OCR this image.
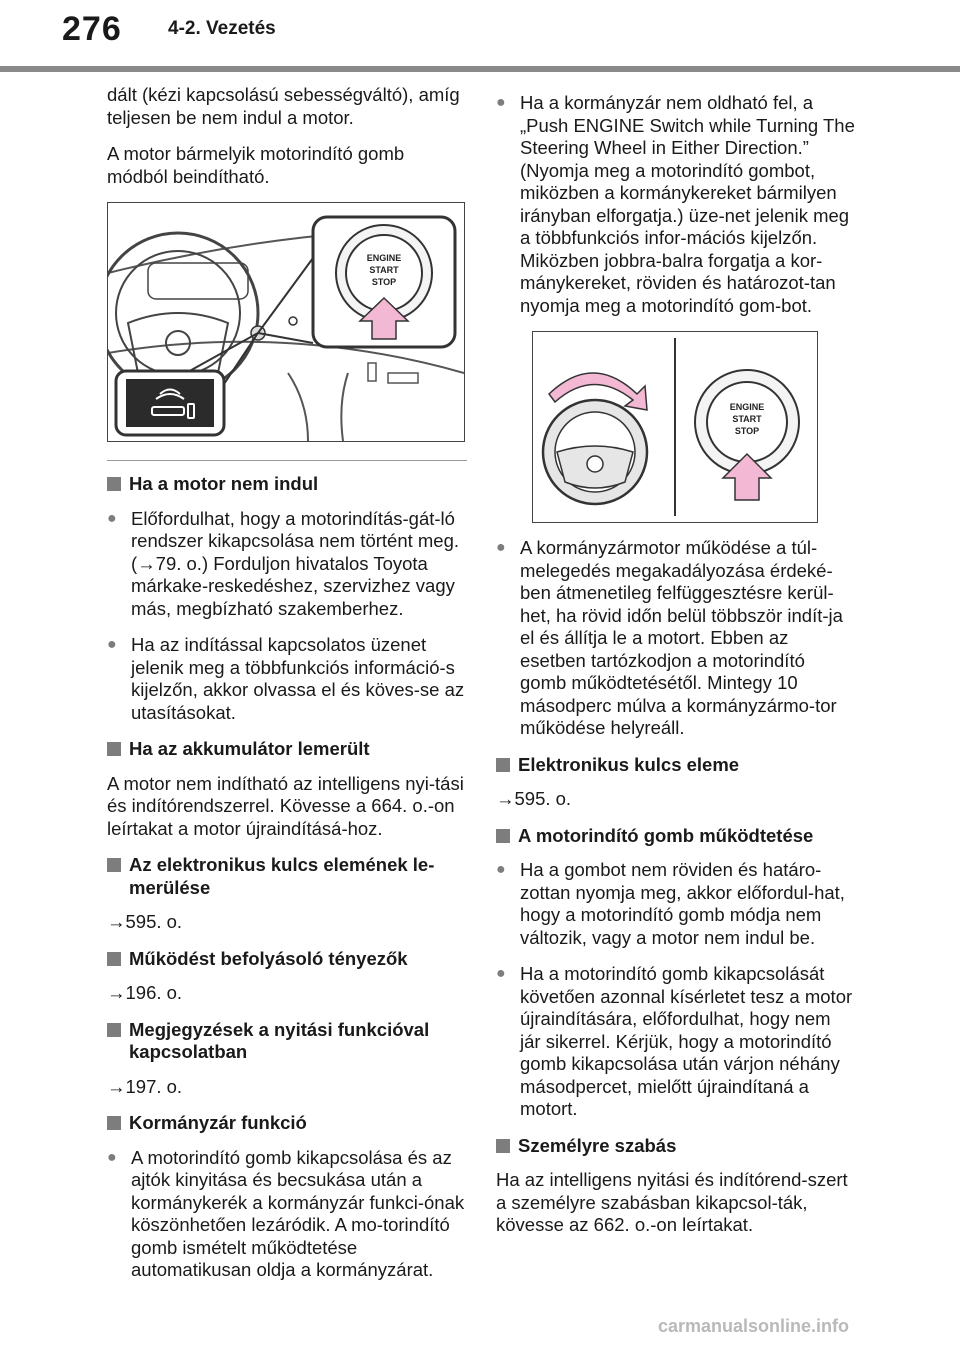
276 4-2. Vezetés

dált (kézi kapcsolású sebességváltó), amíg teljesen be nem indul a motor.

A motor bármelyik motorindító gomb módból beindítható.

ENGINE
START
STOP

Ha a motor nem indul

● Előfordulhat, hogy a motorindítás-gát-ló rendszer kikapcsolása nem történt meg. (→79. o.) Forduljon hivatalos Toyota márkake-reskedéshez, szervizhez vagy más, megbízható szakemberhez.

● Ha az indítással kapcsolatos üzenet jelenik meg a többfunkciós információ-s kijelzőn, akkor olvassa el és köves-se az utasításokat.

Ha az akkumulátor lemerült

A motor nem indítható az intelligens nyi-tási és indítórendszerrel. Kövesse a 664. o.-on leírtakat a motor újraindításá-hoz.

Az elektronikus kulcs elemének le-merülése

→595. o.

Működést befolyásoló tényezők

→196. o.

Megjegyzések a nyitási funkcióval kapcsolatban

→197. o.

Kormányzár funkció

● A motorindító gomb kikapcsolása és az ajtók kinyitása és becsukása után a kormánykerék a kormányzár funkci-ónak köszönhetően lezáródik. A mo-torindító gomb ismételt működtetése automatikusan oldja a kormányzárat.

● Ha a kormányzár nem oldható fel, a „Push ENGINE Switch while Turning The Steering Wheel in Either Direction.” (Nyomja meg a motorindító gombot, miközben a kormánykereket bármilyen irányban elforgatja.) üze-net jelenik meg a többfunkciós infor-mációs kijelzőn. Miközben jobbra-balra forgatja a kor-mánykereket, röviden és határozot-tan nyomja meg a motorindító gom-bot.

ENGINE
START
STOP

● A kormányzármotor működése a túl-melegedés megakadályozása érdeké-ben átmenetileg felfüggesztésre kerül-het, ha rövid időn belül többször indít-ja el és állítja le a motort. Ebben az esetben tartózkodjon a motorindító gomb működtetésétől. Mintegy 10 másodperc múlva a kormányzármo-tor működése helyreáll.

Elektronikus kulcs eleme

→595. o.

A motorindító gomb működtetése

● Ha a gombot nem röviden és határo-zottan nyomja meg, akkor előfordul-hat, hogy a motorindító gomb módja nem változik, vagy a motor nem indul be.

● Ha a motorindító gomb kikapcsolását követően azonnal kísérletet tesz a motor újraindítására, előfordulhat, hogy nem jár sikerrel. Kérjük, hogy a motorindító gomb kikapcsolása után várjon néhány másodpercet, mielőtt újraindítaná a motort.

Személyre szabás

Ha az intelligens nyitási és indítórend-szert a személyre szabásban kikapcsol-ták, kövesse az 662. o.-on leírtakat.

carmanualsonline.info
